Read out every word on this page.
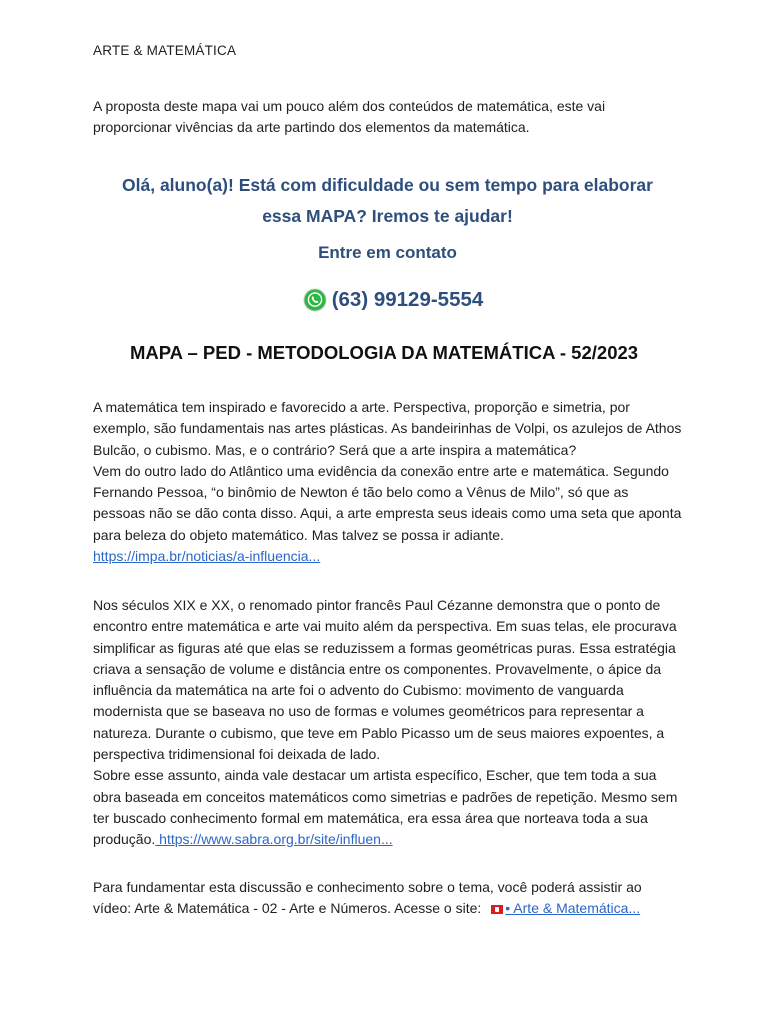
ARTE & MATEMÁTICA
A proposta deste mapa vai um pouco além dos conteúdos de matemática, este vai proporcionar vivências da arte partindo dos elementos da matemática.
Olá, aluno(a)! Está com dificuldade ou sem tempo para elaborar
essa MAPA? Iremos te ajudar!
Entre em contato
(63) 99129-5554
MAPA – PED - METODOLOGIA DA MATEMÁTICA - 52/2023

A matemática tem inspirado e favorecido a arte. Perspectiva, proporção e simetria, por exemplo, são fundamentais nas artes plásticas. As bandeirinhas de Volpi, os azulejos de Athos Bulcão, o cubismo. Mas, e o contrário? Será que a arte inspira a matemática?

Vem do outro lado do Atlântico uma evidência da conexão entre arte e matemática. Segundo Fernando Pessoa, “o binômio de Newton é tão belo como a Vênus de Milo”, só que as pessoas não se dão conta disso. Aqui, a arte empresta seus ideais como uma seta que aponta para beleza do objeto matemático. Mas talvez se possa ir adiante.

https://impa.br/noticias/a-influencia...

Nos séculos XIX e XX, o renomado pintor francês Paul Cézanne demonstra que o ponto de encontro entre matemática e arte vai muito além da perspectiva. Em suas telas, ele procurava simplificar as figuras até que elas se reduzissem a formas geométricas puras. Essa estratégia criava a sensação de volume e distância entre os componentes. Provavelmente, o ápice da influência da matemática na arte foi o advento do Cubismo: movimento de vanguarda modernista que se baseava no uso de formas e volumes geométricos para representar a natureza. Durante o cubismo, que teve em Pablo Picasso um de seus maiores expoentes, a perspectiva tridimensional foi deixada de lado.

Sobre esse assunto, ainda vale destacar um artista específico, Escher, que tem toda a sua obra baseada em conceitos matemáticos como simetrias e padrões de repetição. Mesmo sem ter buscado conhecimento formal em matemática, era essa área que norteava toda a sua produção. https://www.sabra.org.br/site/influen...

Para fundamentar esta discussão e conhecimento sobre o tema, você poderá assistir ao vídeo: Arte & Matemática - 02 - Arte e Números. Acesse o site: • Arte & Matemática...
